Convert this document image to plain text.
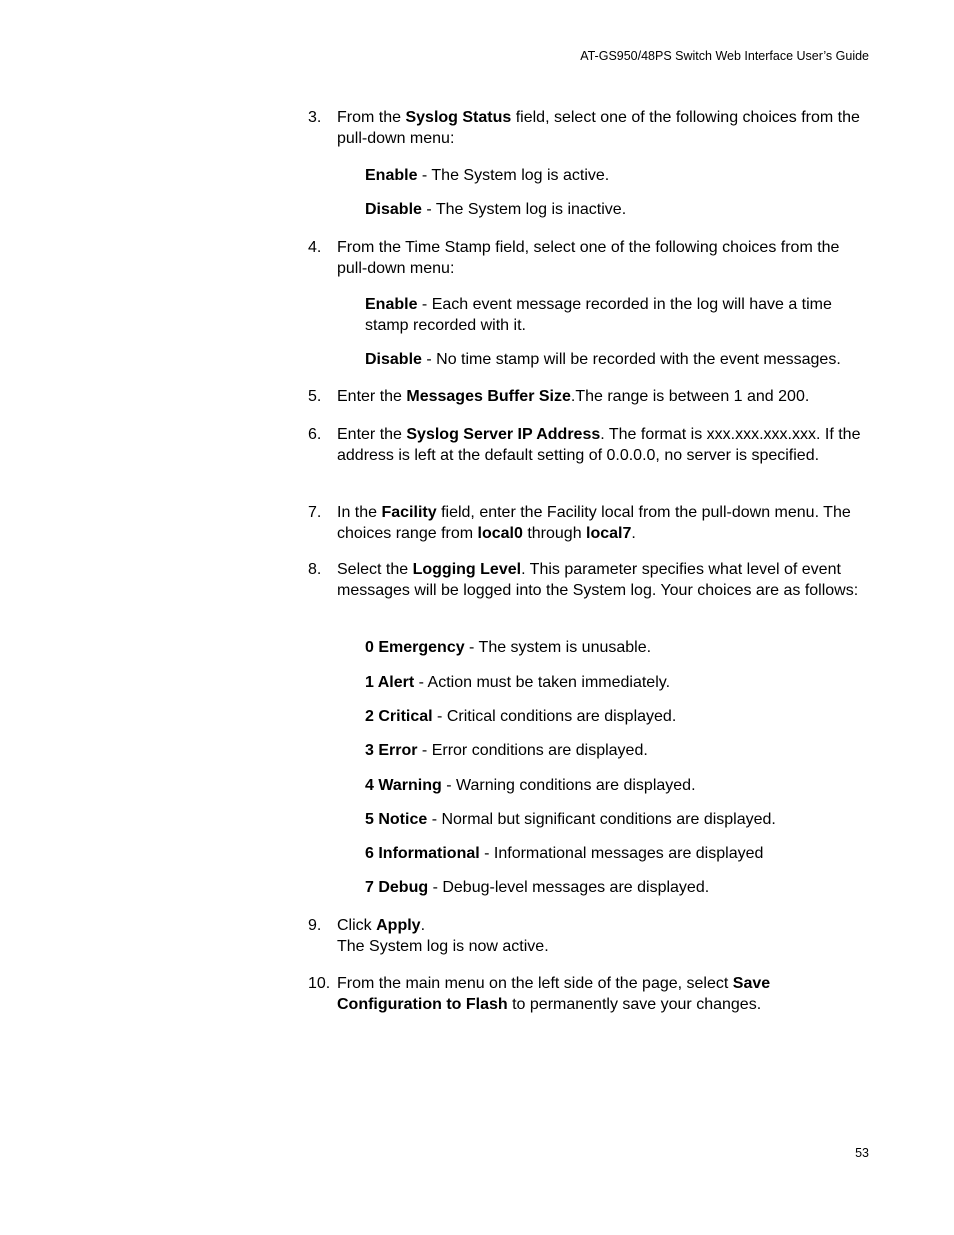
AT-GS950/48PS Switch Web Interface User’s Guide
3. From the Syslog Status field, select one of the following choices from the pull-down menu:
Enable - The System log is active.
Disable - The System log is inactive.
4. From the Time Stamp field, select one of the following choices from the pull-down menu:
Enable - Each event message recorded in the log will have a time stamp recorded with it.
Disable - No time stamp will be recorded with the event messages.
5. Enter the Messages Buffer Size.The range is between 1 and 200.
6. Enter the Syslog Server IP Address. The format is xxx.xxx.xxx.xxx. If the address is left at the default setting of 0.0.0.0, no server is specified.
7. In the Facility field, enter the Facility local from the pull-down menu. The choices range from local0 through local7.
8. Select the Logging Level. This parameter specifies what level of event messages will be logged into the System log. Your choices are as follows:
0 Emergency - The system is unusable.
1 Alert - Action must be taken immediately.
2 Critical - Critical conditions are displayed.
3 Error - Error conditions are displayed.
4 Warning - Warning conditions are displayed.
5 Notice - Normal but significant conditions are displayed.
6 Informational - Informational messages are displayed
7 Debug - Debug-level messages are displayed.
9. Click Apply.
The System log is now active.
10. From the main menu on the left side of the page, select Save Configuration to Flash to permanently save your changes.
53
